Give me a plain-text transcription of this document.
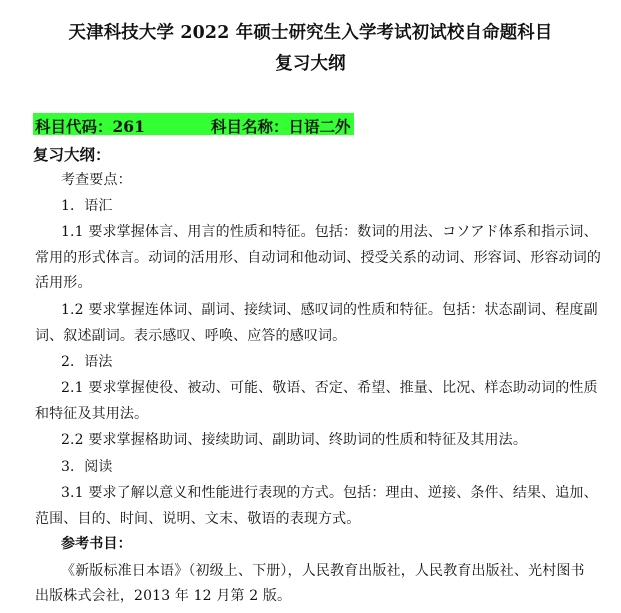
天津科技大学 2022 年硕士研究生入学考试初试校自命题科目
复习大纲
科目代码：261	科目名称：日语二外
复习大纲：
考查要点：
1．语汇
1.1 要求掌握体言、用言的性质和特征。包括：数词的用法、コソアド体系和指示词、
常用的形式体言。动词的活用形、自动词和他动词、授受关系的动词、形容词、形容动词的
活用形。
1.2 要求掌握连体词、副词、接续词、感叹词的性质和特征。包括：状态副词、程度副
词、叙述副词。表示感叹、呼唤、应答的感叹词。
2．语法
2.1 要求掌握使役、被动、可能、敬语、否定、希望、推量、比况、样态助动词的性质
和特征及其用法。
2.2 要求掌握格助词、接续助词、副助词、终助词的性质和特征及其用法。
3．阅读
3.1 要求了解以意义和性能进行表现的方式。包括：理由、逆接、条件、结果、追加、
范围、目的、时间、说明、文末、敬语的表现方式。
参考书目：
《新版标准日本语》（初级上、下册），人民教育出版社，人民教育出版社、光村图书
出版株式会社，2013 年 12 月第 2 版。
